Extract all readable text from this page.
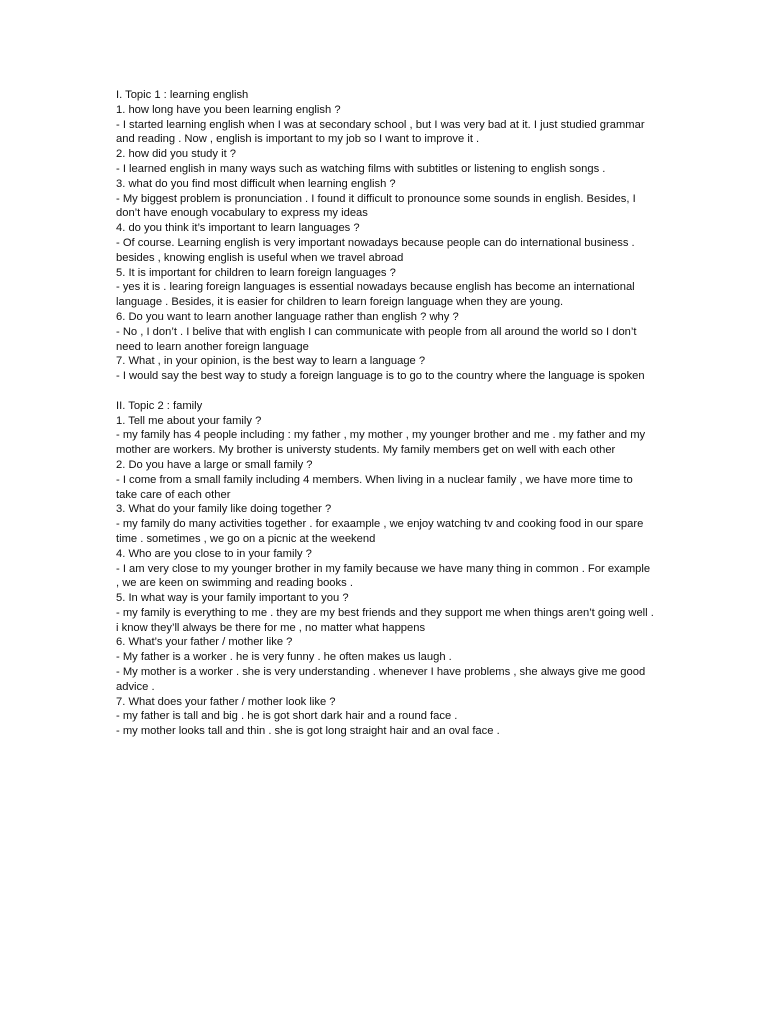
I. Topic 1 : learning english

1. how long have you been learning english ?

- I started learning english when I was at secondary school , but I was very bad at it. I just studied grammar and reading . Now , english is important to my job so I want to improve it .

2. how did you study it ?

- I learned english in many ways such as watching films with subtitles or listening to english songs .

3. what do you find most difficult when learning english ?

- My biggest problem is pronunciation . I found it difficult to pronounce some sounds in english. Besides, I don’t have enough vocabulary to express my ideas

4. do you think it’s important to learn languages ?

- Of course. Learning english is very important nowadays because people can do international business . besides , knowing english is useful when we travel abroad

5. It is important for children to learn foreign languages ?

- yes it is . learing foreign languages is essential nowadays because english has become an international language . Besides, it is easier for children to learn foreign language when they are young.

6. Do you want to learn another language rather than english ? why ?

- No , I don’t . I belive that with english I can communicate with people from all around the world so I don’t need to learn another foreign language

7. What , in your opinion, is the best way to learn a language ?

- I would say the best way to study a foreign language is to go to the country where the language is spoken

II. Topic 2 : family

1. Tell me about your family ?

- my family has 4 people including : my father , my mother , my younger brother and me . my father and my mother are workers. My brother is universty students. My family members get on well with each other

2. Do you have a large or small family ?

- I come from a small family including 4 members. When living in a nuclear family , we have more time to take care of each other

3. What do your family like doing together ?

- my family do many activities together . for exaample , we enjoy watching tv and cooking food in our spare time . sometimes , we go on a picnic at the weekend

4. Who are you close to in your family ?

- I am very close to my younger brother in my family because we have many thing in common . For example , we are keen on swimming and reading books .

5. In what way is your family important to you ?

- my family is everything to me . they are my best friends and they support me when things aren’t going well . i know they’ll always be there for me , no matter what happens

6. What’s your father / mother like ?

- My father is a worker . he is very funny . he often makes us laugh .

- My mother is a worker . she is very understanding . whenever I have problems , she always give me good advice .

7. What does your father / mother look like ?

- my father is tall and big . he is got short dark hair and a round face .

- my mother looks tall and thin . she is got long straight hair and an oval face .
